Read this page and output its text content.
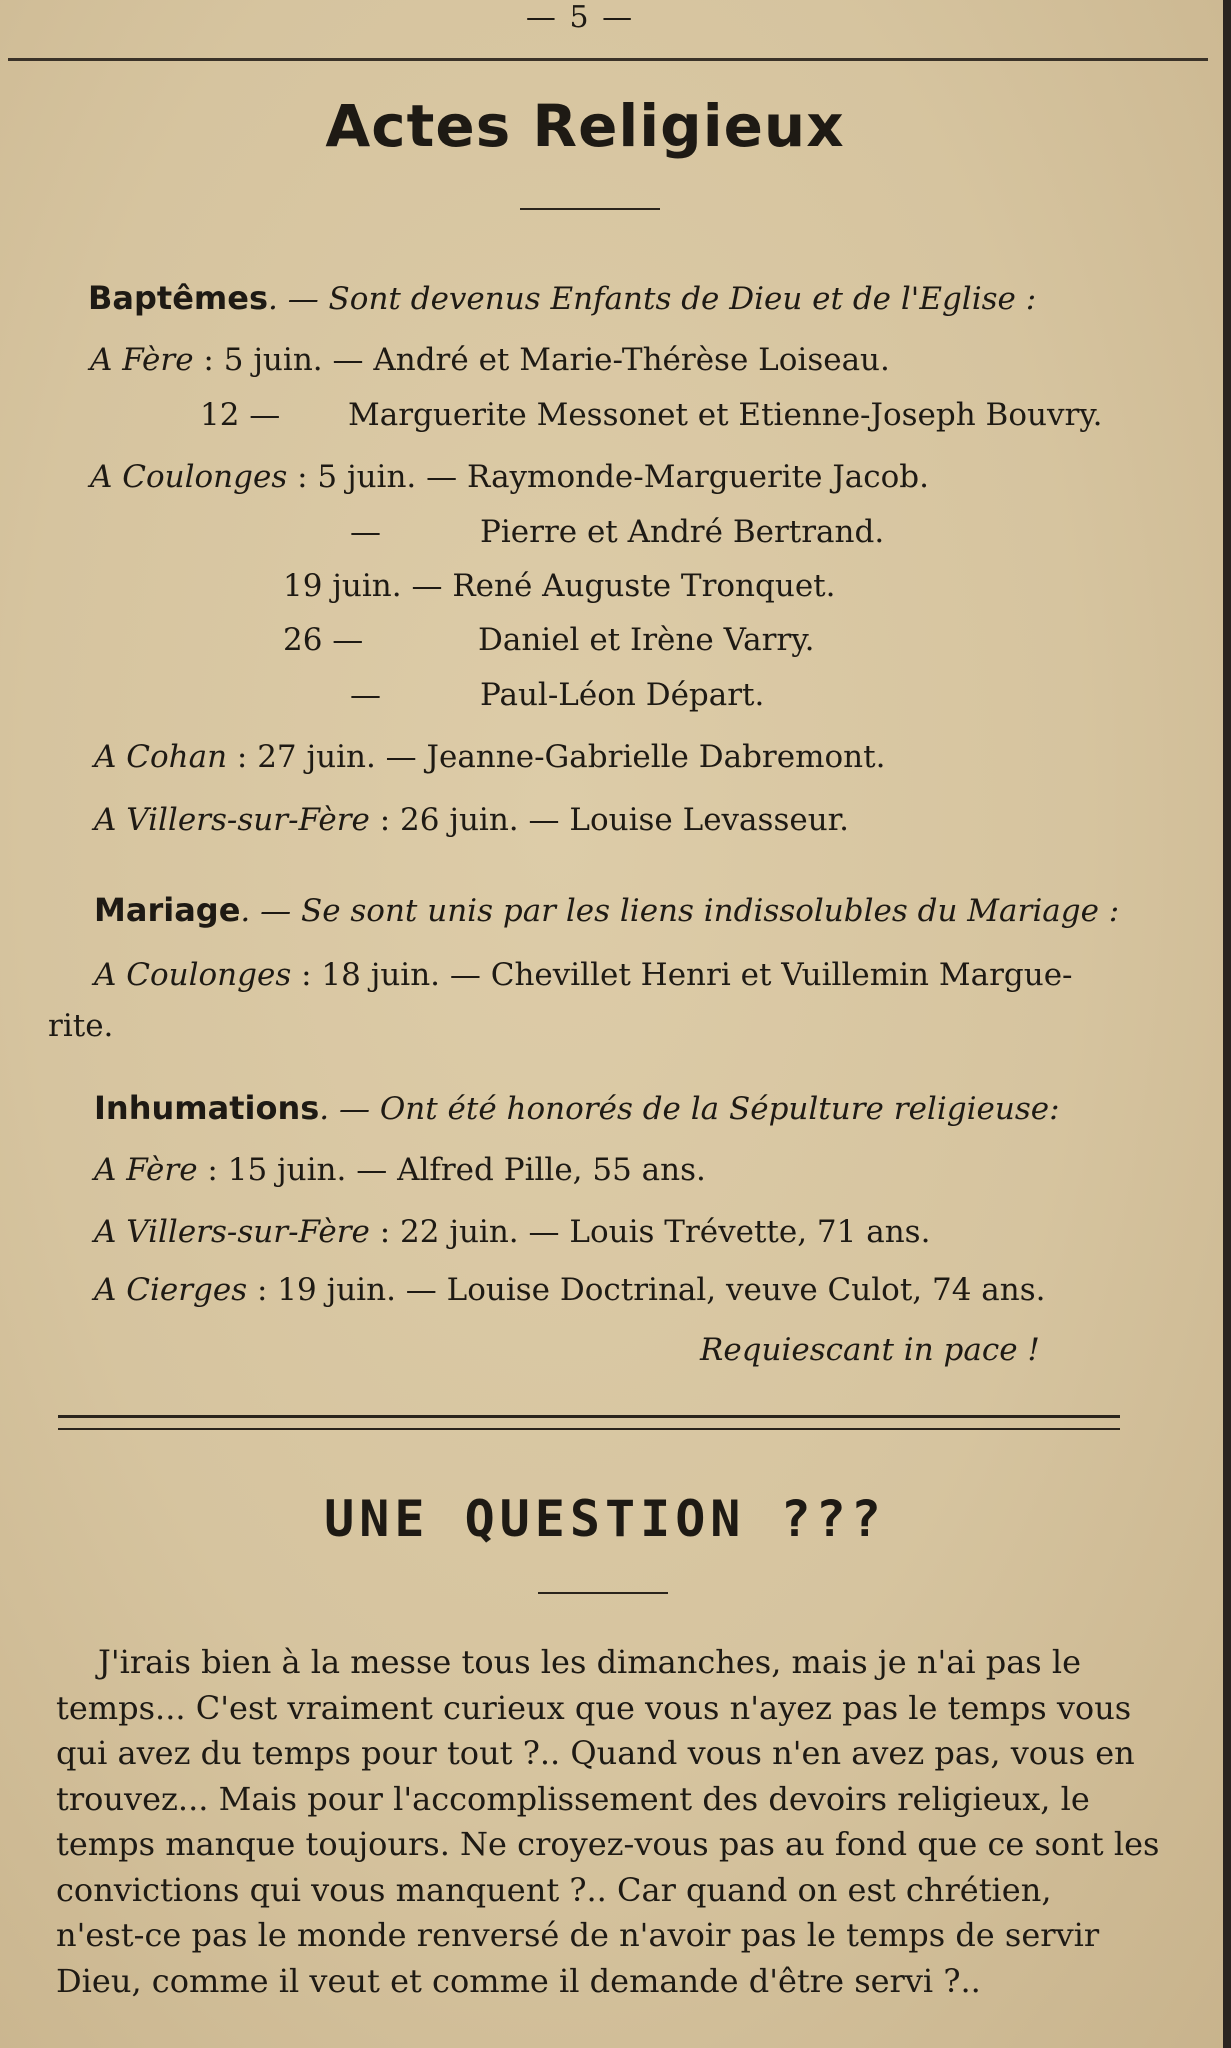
— 5 —
Actes Religieux
Baptêmes. — Sont devenus Enfants de Dieu et de l'Eglise :
A Fère : 5 juin. — André et Marie-Thérèse Loiseau.
12 — Marguerite Messonet et Etienne-Joseph Bouvry.
A Coulonges : 5 juin. — Raymonde-Marguerite Jacob.
—	Pierre et André Bertrand.
19 juin. — René Auguste Tronquet.
26 —	Daniel et Irène Varry.
—	Paul-Léon Départ.
A Cohan : 27 juin. — Jeanne-Gabrielle Dabremont.
A Villers-sur-Fère : 26 juin. — Louise Levasseur.
Mariage. — Se sont unis par les liens indissolubles du Mariage :
A Coulonges : 18 juin. — Chevillet Henri et Vuillemin Margue-
rite.
Inhumations. — Ont été honorés de la Sépulture religieuse:
A Fère : 15 juin. — Alfred Pille, 55 ans.
A Villers-sur-Fère : 22 juin. — Louis Trévette, 71 ans.
A Cierges : 19 juin. — Louise Doctrinal, veuve Culot, 74 ans.
Requiescant in pace !
UNE QUESTION ???
J'irais bien à la messe tous les dimanches, mais je n'ai pas le
temps... C'est vraiment curieux que vous n'ayez pas le temps vous
qui avez du temps pour tout ?.. Quand vous n'en avez pas, vous en
trouvez... Mais pour l'accomplissement des devoirs religieux, le
temps manque toujours. Ne croyez-vous pas au fond que ce sont les
convictions qui vous manquent ?.. Car quand on est chrétien,
n'est-ce pas le monde renversé de n'avoir pas le temps de servir
Dieu, comme il veut et comme il demande d'être servi ?..
